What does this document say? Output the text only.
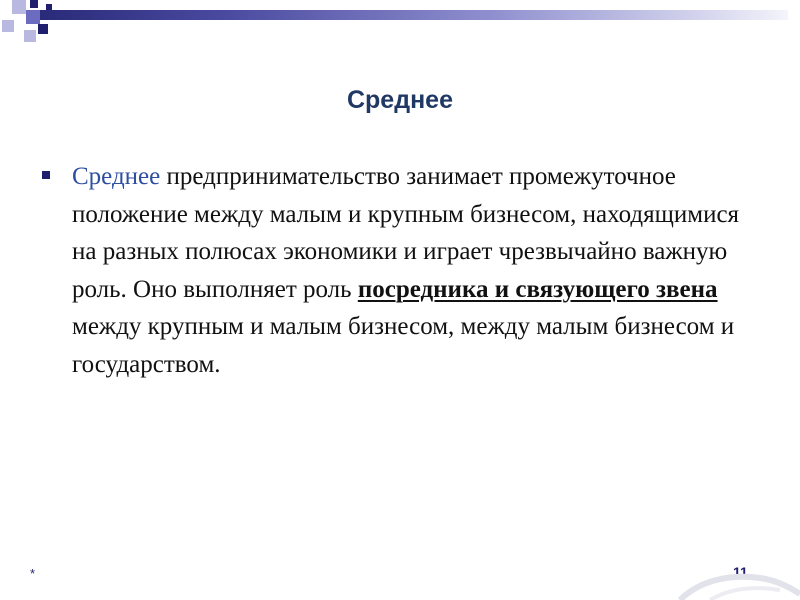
Среднее
Среднее предпринимательство занимает промежуточное положение между малым и крупным бизнесом, находящимися на разных полюсах экономики и играет чрезвычайно важную роль. Оно выполняет роль посредника и связующего звена между крупным и малым бизнесом, между малым бизнесом и государством.
*	11
